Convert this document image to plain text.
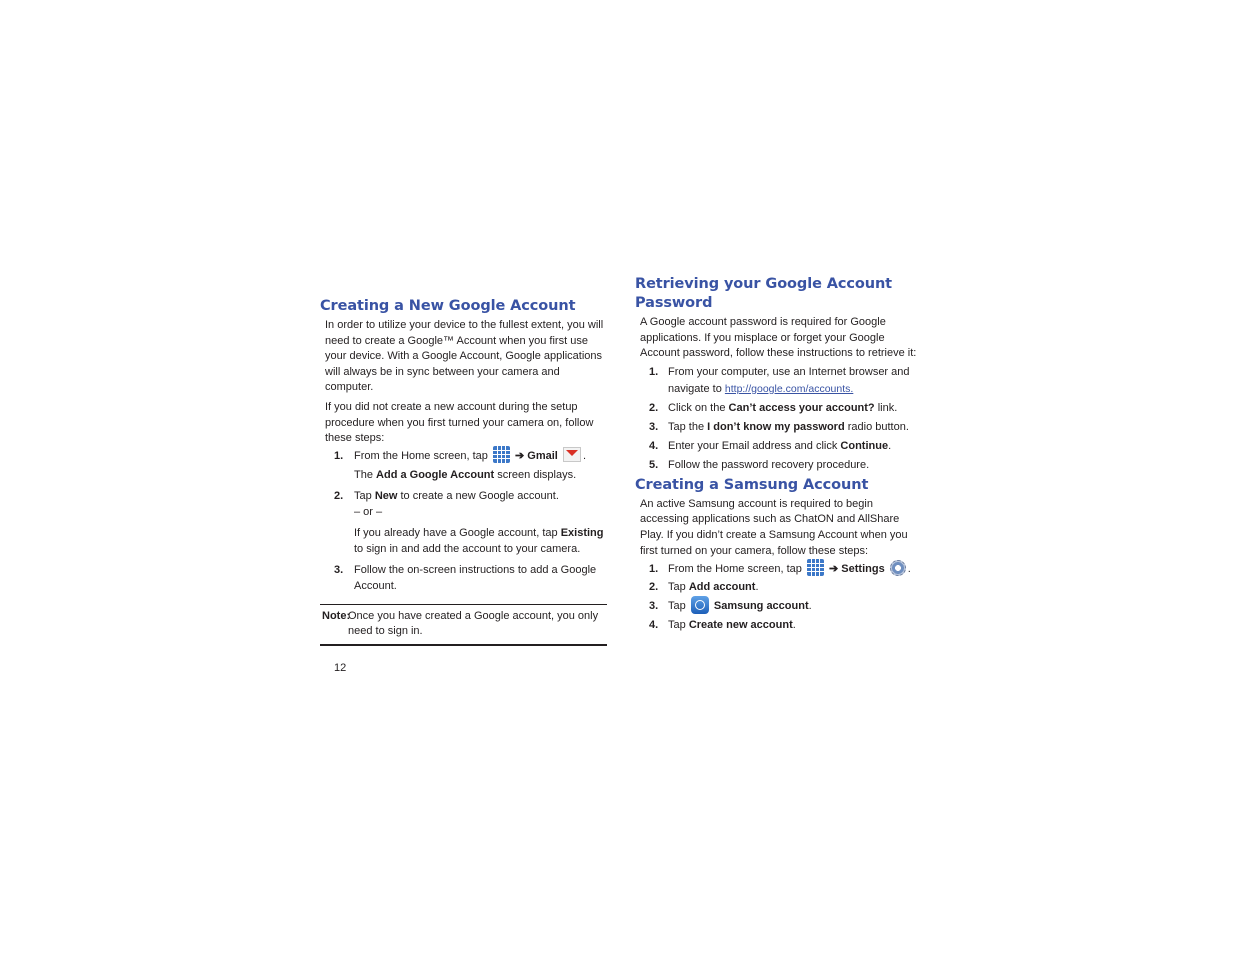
Creating a New Google Account

In order to utilize your device to the fullest extent, you will need to create a Google™ Account when you first use your device. With a Google Account, Google applications will always be in sync between your camera and computer.

If you did not create a new account during the setup procedure when you first turned your camera on, follow these steps:

1. From the Home screen, tap ➔ Gmail .
The Add a Google Account screen displays.
2. Tap New to create a new Google account.
– or –
If you already have a Google account, tap Existing to sign in and add the account to your camera.
3. Follow the on-screen instructions to add a Google Account.
Note:
Once you have created a Google account, you only need to sign in.
Retrieving your Google Account Password

A Google account password is required for Google applications. If you misplace or forget your Google Account password, follow these instructions to retrieve it:

1. From your computer, use an Internet browser and navigate to http://google.com/accounts.
2. Click on the Can’t access your account? link.
3. Tap the I don’t know my password radio button.
4. Enter your Email address and click Continue.
5. Follow the password recovery procedure.
Creating a Samsung Account

An active Samsung account is required to begin accessing applications such as ChatON and AllShare Play. If you didn’t create a Samsung Account when you first turned on your camera, follow these steps:

1. From the Home screen, tap ➔ Settings .
2. Tap Add account.
3. Tap	Samsung account.
4. Tap Create new account.
12
